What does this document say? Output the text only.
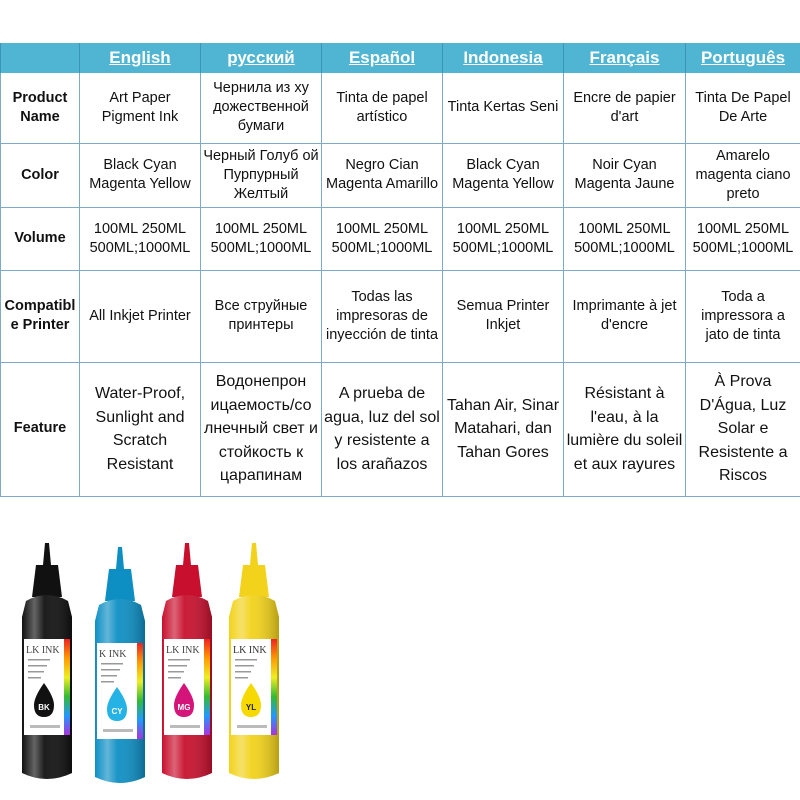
	English	русский	Español	Indonesia	Français	Português
Product Name	Art Paper Pigment Ink	Чернила из ху дожественной бумаги	Tinta de papel artístico	Tinta Kertas Seni	Encre de papier d'art	Tinta De Papel De Arte
Color	Black Cyan Magenta Yellow	Черный Голуб ой Пурпурный Желтый	Negro Cian Magenta Amarillo	Black Cyan Magenta Yellow	Noir Cyan Magenta Jaune	Amarelo magenta ciano preto
Volume	100ML 250ML 500ML;1000ML	100ML 250ML 500ML;1000ML	100ML 250ML 500ML;1000ML	100ML 250ML 500ML;1000ML	100ML 250ML 500ML;1000ML	100ML 250ML 500ML;1000ML
Compatibl e Printer	All Inkjet Printer	Все струйные принтеры	Todas las impresoras de inyección de tinta	Semua Printer Inkjet	Imprimante à jet d'encre	Toda a impressora a jato de tinta
Feature	Water-Proof, Sunlight and Scratch Resistant	Водонепрон ицаемость/со лнечный свет и стойкость к царапинам	A prueba de agua, luz del sol y resistente a los arañazos	Tahan Air, Sinar Matahari, dan Tahan Gores	Résistant à l'eau, à la lumière du soleil et aux rayures	À Prova D'Água, Luz Solar e Resistente a Riscos
LK INK
BK
K INK
CY
LK INK
MG
LK INK
YL
